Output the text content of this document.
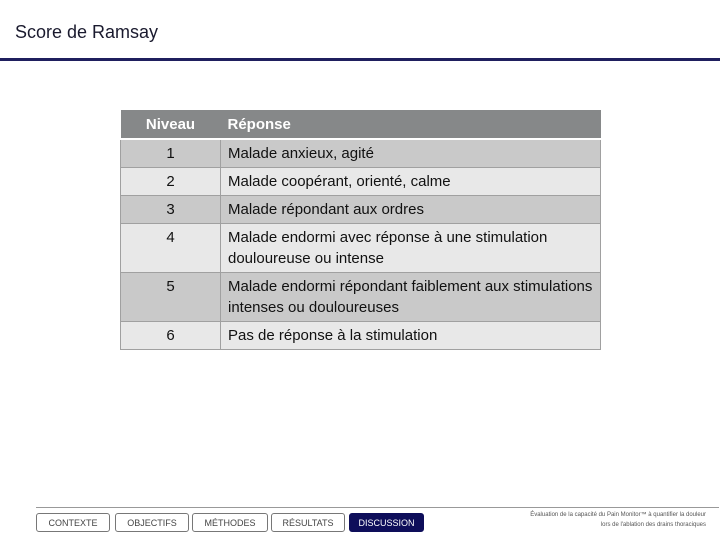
Score de Ramsay
Niveau	Réponse
1	Malade anxieux, agité
2	Malade coopérant, orienté, calme
3	Malade répondant aux ordres
4	Malade endormi avec réponse à une stimulation douloureuse ou intense
5	Malade endormi répondant faiblement aux stimulations intenses ou douloureuses
6	Pas de réponse à la stimulation
CONTEXTE	OBJECTIFS	MÉTHODES	RÉSULTATS	DISCUSSION
Évaluation de la capacité du Pain Monitor™ à quantifier la douleur
lors de l'ablation des drains thoraciques
